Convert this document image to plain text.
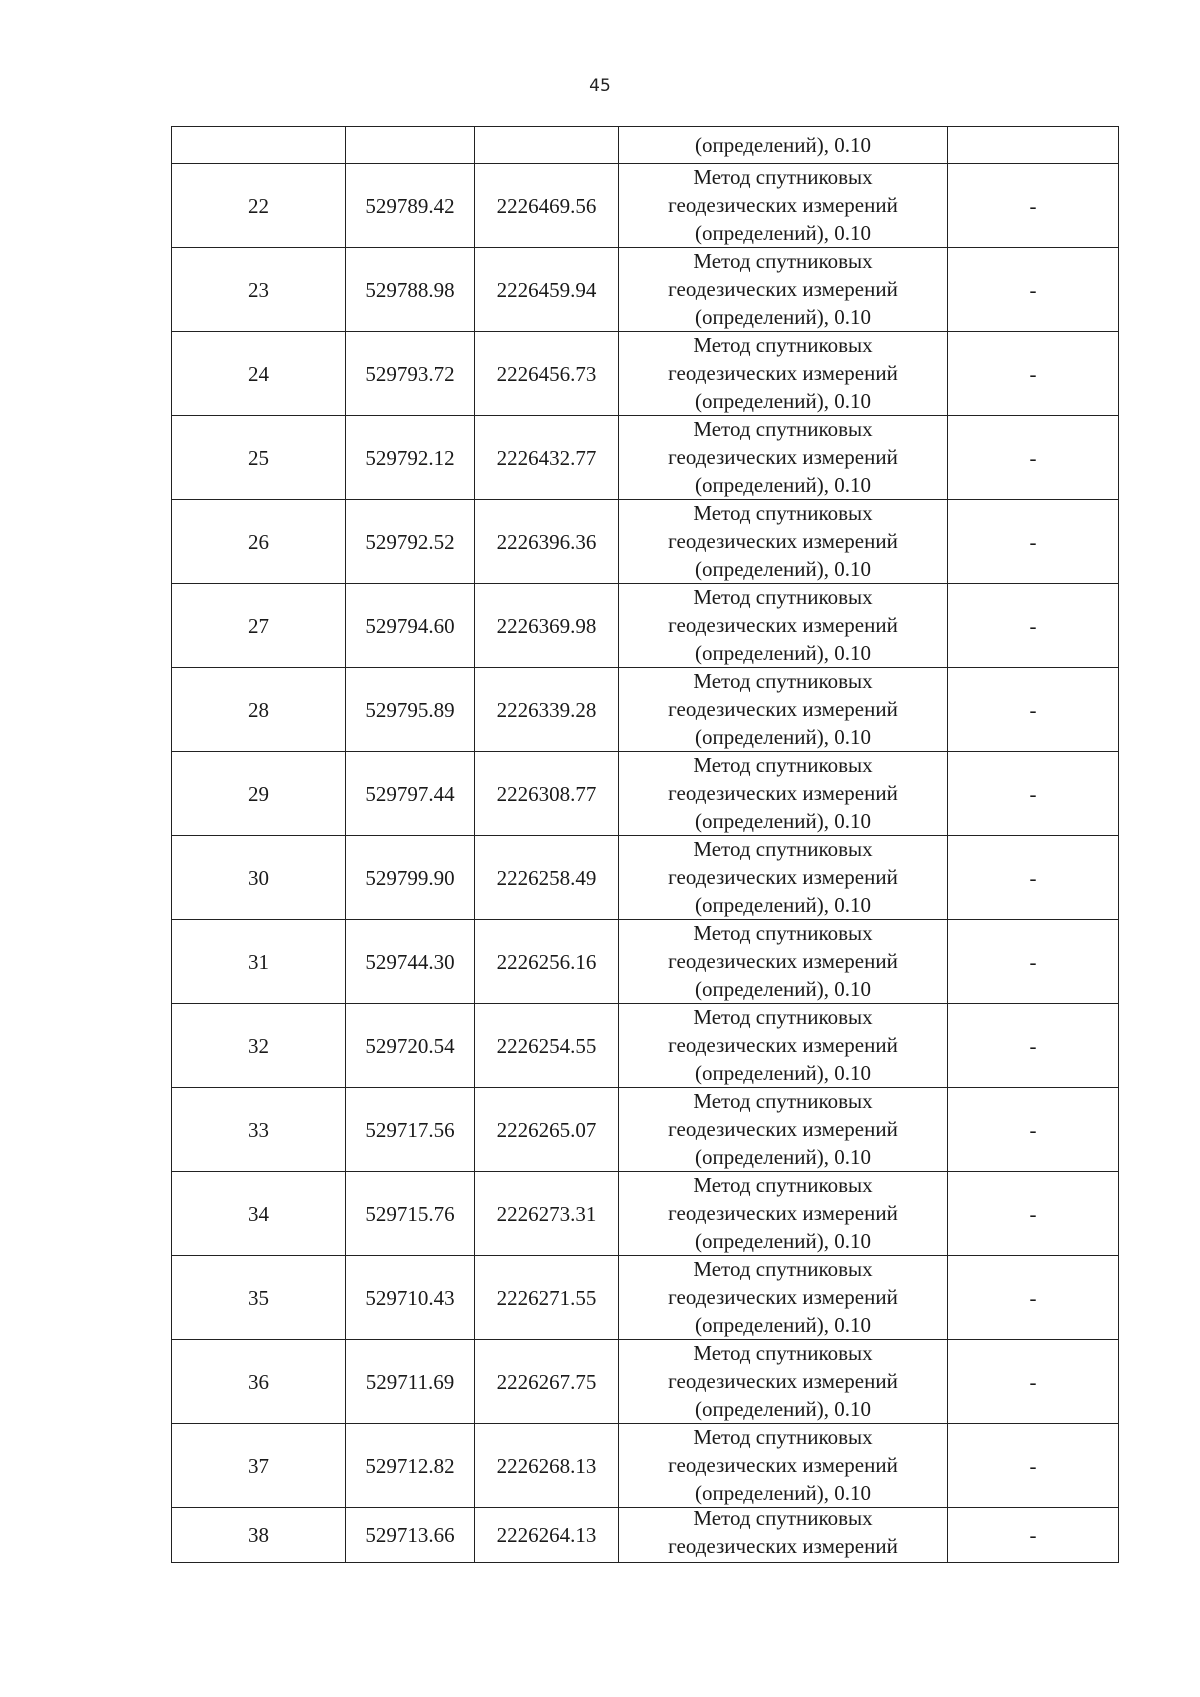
45

			(определений), 0.10	

22	529789.42	2226469.56	Метод спутниковых
геодезических измерений
(определений), 0.10	-
23	529788.98	2226459.94	Метод спутниковых
геодезических измерений
(определений), 0.10	-
24	529793.72	2226456.73	Метод спутниковых
геодезических измерений
(определений), 0.10	-
25	529792.12	2226432.77	Метод спутниковых
геодезических измерений
(определений), 0.10	-
26	529792.52	2226396.36	Метод спутниковых
геодезических измерений
(определений), 0.10	-
27	529794.60	2226369.98	Метод спутниковых
геодезических измерений
(определений), 0.10	-
28	529795.89	2226339.28	Метод спутниковых
геодезических измерений
(определений), 0.10	-
29	529797.44	2226308.77	Метод спутниковых
геодезических измерений
(определений), 0.10	-
30	529799.90	2226258.49	Метод спутниковых
геодезических измерений
(определений), 0.10	-
31	529744.30	2226256.16	Метод спутниковых
геодезических измерений
(определений), 0.10	-
32	529720.54	2226254.55	Метод спутниковых
геодезических измерений
(определений), 0.10	-
33	529717.56	2226265.07	Метод спутниковых
геодезических измерений
(определений), 0.10	-
34	529715.76	2226273.31	Метод спутниковых
геодезических измерений
(определений), 0.10	-
35	529710.43	2226271.55	Метод спутниковых
геодезических измерений
(определений), 0.10	-
36	529711.69	2226267.75	Метод спутниковых
геодезических измерений
(определений), 0.10	-
37	529712.82	2226268.13	Метод спутниковых
геодезических измерений
(определений), 0.10	-
38	529713.66	2226264.13	Метод спутниковых
геодезических измерений	-
